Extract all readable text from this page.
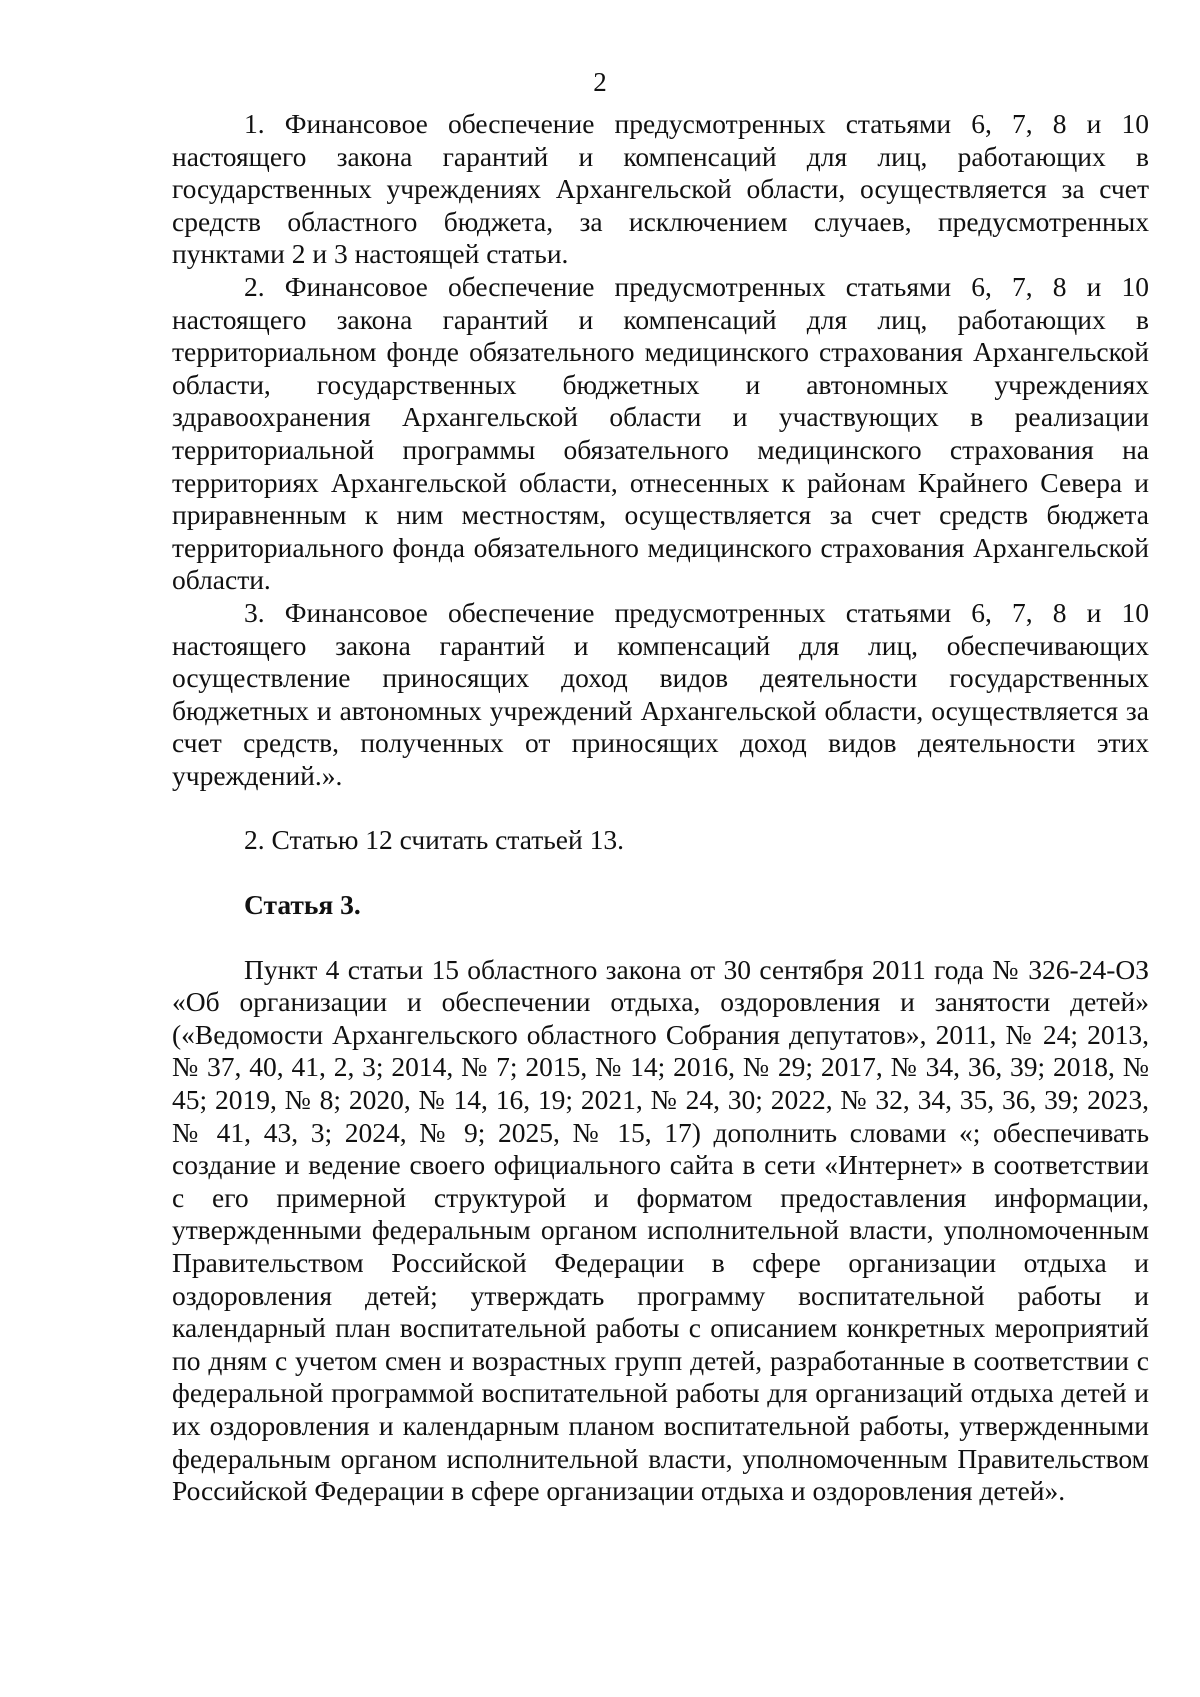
2

1. Финансовое обеспечение предусмотренных статьями 6, 7, 8 и 10 настоящего закона гарантий и компенсаций для лиц, работающих в государственных учреждениях Архангельской области, осуществляется за счет средств областного бюджета, за исключением случаев, предусмотренных пунктами 2 и 3 настоящей статьи.

2. Финансовое обеспечение предусмотренных статьями 6, 7, 8 и 10 настоящего закона гарантий и компенсаций для лиц, работающих в территориальном фонде обязательного медицинского страхования Архангельской области, государственных бюджетных и автономных учреждениях здравоохранения Архангельской области и участвующих в реализации территориальной программы обязательного медицинского страхования на территориях Архангельской области, отнесенных к районам Крайнего Севера и приравненным к ним местностям, осуществляется за счет средств бюджета территориального фонда обязательного медицинского страхования Архангельской области.

3. Финансовое обеспечение предусмотренных статьями 6, 7, 8 и 10 настоящего закона гарантий и компенсаций для лиц, обеспечивающих осуществление приносящих доход видов деятельности государственных бюджетных и автономных учреждений Архангельской области, осуществляется за счет средств, полученных от приносящих доход видов деятельности этих учреждений.».

2. Статью 12 считать статьей 13.

Статья 3.

Пункт 4 статьи 15 областного закона от 30 сентября 2011 года № 326-24-ОЗ «Об организации и обеспечении отдыха, оздоровления и занятости детей» («Ведомости Архангельского областного Собрания депутатов», 2011, № 24; 2013, № 37, 40, 41, 2, 3; 2014, № 7; 2015, № 14; 2016, № 29; 2017, № 34, 36, 39; 2018, № 45; 2019, № 8; 2020, № 14, 16, 19; 2021, № 24, 30; 2022, № 32, 34, 35, 36, 39; 2023, № 41, 43, 3; 2024, № 9; 2025, № 15, 17) дополнить словами «; обеспечивать создание и ведение своего официального сайта в сети «Интернет» в соответствии с его примерной структурой и форматом предоставления информации, утвержденными федеральным органом исполнительной власти, уполномоченным Правительством Российской Федерации в сфере организации отдыха и оздоровления детей; утверждать программу воспитательной работы и календарный план воспитательной работы с описанием конкретных мероприятий по дням с учетом смен и возрастных групп детей, разработанные в соответствии с федеральной программой воспитательной работы для организаций отдыха детей и их оздоровления и календарным планом воспитательной работы, утвержденными федеральным органом исполнительной власти, уполномоченным Правительством Российской Федерации в сфере организации отдыха и оздоровления детей».
